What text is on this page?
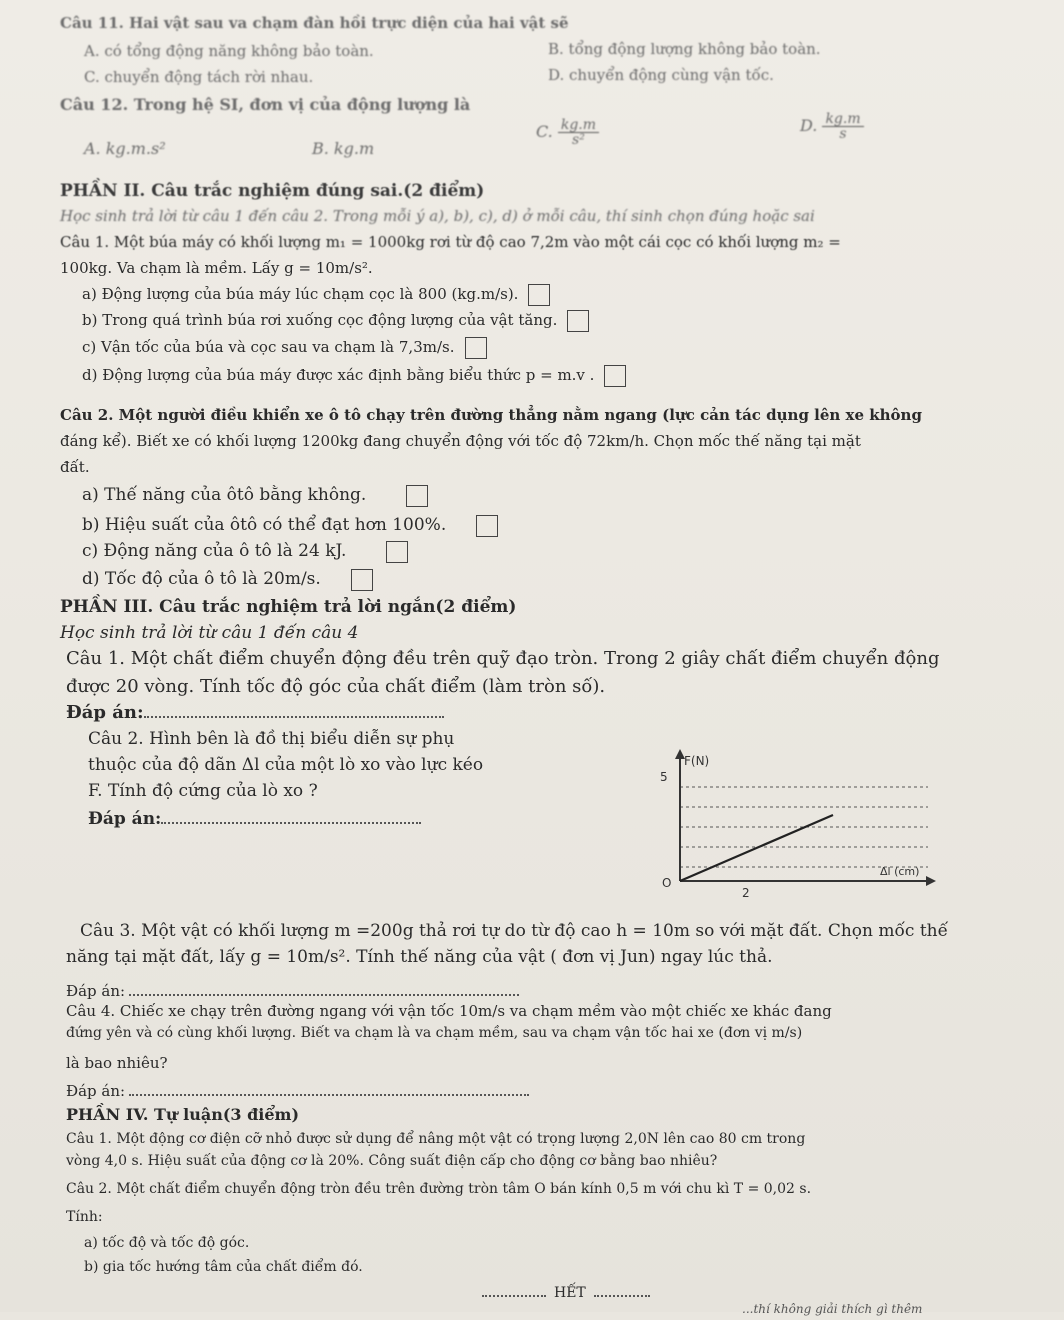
Câu 11. Hai vật sau va chạm đàn hồi trực diện của hai vật sẽ
A. có tổng động năng không bảo toàn.	B. tổng động lượng không bảo toàn.
C. chuyển động tách rời nhau.	D. chuyển động cùng vận tốc.
Câu 12. Trong hệ SI, đơn vị của động lượng là
A. kg.m.s²	B. kg.m
C. $\frac{kg.m}{\text{s²}}$	D. $\frac{kg.m}{s}$
PHẦN II. Câu trắc nghiệm đúng sai.(2 điểm)
Học sinh trả lời từ câu 1 đến câu 2. Trong mỗi ý a), b), c), d) ở mỗi câu, thí sinh chọn đúng hoặc sai
Câu 1. Một búa máy có khối lượng m₁ = 1000kg rơi từ độ cao 7,2m vào một cái cọc có khối lượng m₂ =
100kg. Va chạm là mềm. Lấy g = 10m/s².
a) Động lượng của búa máy lúc chạm cọc là 800 (kg.m/s).
b) Trong quá trình búa rơi xuống cọc động lượng của vật tăng.
c) Vận tốc của búa và cọc sau va chạm là 7,3m/s.
d) Động lượng của búa máy được xác định bằng biểu thức p = m.v .
Câu 2. Một người điều khiển xe ô tô chạy trên đường thẳng nằm ngang (lực cản tác dụng lên xe không
đáng kể). Biết xe có khối lượng 1200kg đang chuyển động với tốc độ 72km/h. Chọn mốc thế năng tại mặt
đất.
a) Thế năng của ôtô bằng không.
b) Hiệu suất của ôtô có thể đạt hơn 100%.
c) Động năng của ô tô là 24 kJ.
d) Tốc độ của ô tô là 20m/s.
PHẦN III. Câu trắc nghiệm trả lời ngắn(2 điểm)
Học sinh trả lời từ câu 1 đến câu 4
Câu 1. Một chất điểm chuyển động đều trên quỹ đạo tròn. Trong 2 giây chất điểm chuyển động
được 20 vòng. Tính tốc độ góc của chất điểm (làm tròn số).
Đáp án:
Câu 2. Hình bên là đồ thị biểu diễn sự phụ
thuộc của độ dãn Δl của một lò xo vào lực kéo
F. Tính độ cứng của lò xo ?
Đáp án:
F(N)
5
Δl (cm)
2
O
Câu 3. Một vật có khối lượng m =200g thả rơi tự do từ độ cao h = 10m so với mặt đất. Chọn mốc thế
năng tại mặt đất, lấy g = 10m/s². Tính thế năng của vật ( đơn vị Jun) ngay lúc thả.
Đáp án:
Câu 4. Chiếc xe chạy trên đường ngang với vận tốc 10m/s va chạm mềm vào một chiếc xe khác đang
đứng yên và có cùng khối lượng. Biết va chạm là va chạm mềm, sau va chạm vận tốc hai xe (đơn vị m/s)
là bao nhiêu?
Đáp án:
PHẦN IV. Tự luận(3 điểm)
Câu 1. Một động cơ điện cỡ nhỏ được sử dụng để nâng một vật có trọng lượng 2,0N lên cao 80 cm trong
vòng 4,0 s. Hiệu suất của động cơ là 20%. Công suất điện cấp cho động cơ bằng bao nhiêu?
Câu 2. Một chất điểm chuyển động tròn đều trên đường tròn tâm O bán kính 0,5 m với chu kì T = 0,02 s.
Tính:
a) tốc độ và tốc độ góc.
b) gia tốc hướng tâm của chất điểm đó.
HẾT
...thí không giải thích gì thêm
